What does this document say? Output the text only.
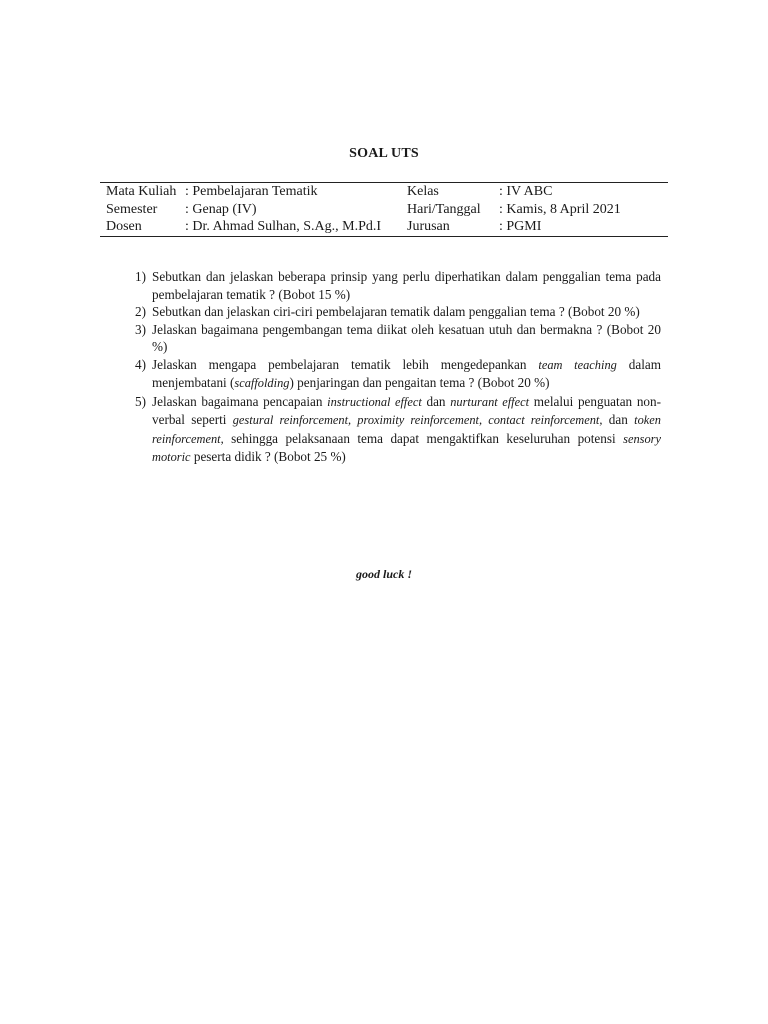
SOAL UTS
Mata Kuliah : Pembelajaran Tematik	Kelas	: IV ABC
Semester : Genap (IV)	Hari/Tanggal : Kamis, 8 April 2021
Dosen	: Dr. Ahmad Sulhan, S.Ag., M.Pd.I Jurusan	: PGMI
1) Sebutkan dan jelaskan beberapa prinsip yang perlu diperhatikan dalam penggalian tema pada pembelajaran tematik ? (Bobot 15 %)
2) Sebutkan dan jelaskan ciri-ciri pembelajaran tematik dalam penggalian tema ? (Bobot 20 %)
3) Jelaskan bagaimana pengembangan tema diikat oleh kesatuan utuh dan bermakna ? (Bobot 20 %)
4) Jelaskan mengapa pembelajaran tematik lebih mengedepankan team teaching dalam menjembatani (scaffolding) penjaringan dan pengaitan tema ? (Bobot 20 %)
5) Jelaskan bagaimana pencapaian instructional effect dan nurturant effect melalui penguatan non-verbal seperti gestural reinforcement, proximity reinforcement, contact reinforcement, dan token reinforcement, sehingga pelaksanaan tema dapat mengaktifkan keseluruhan potensi sensory motoric peserta didik ? (Bobot 25 %)
good luck !
